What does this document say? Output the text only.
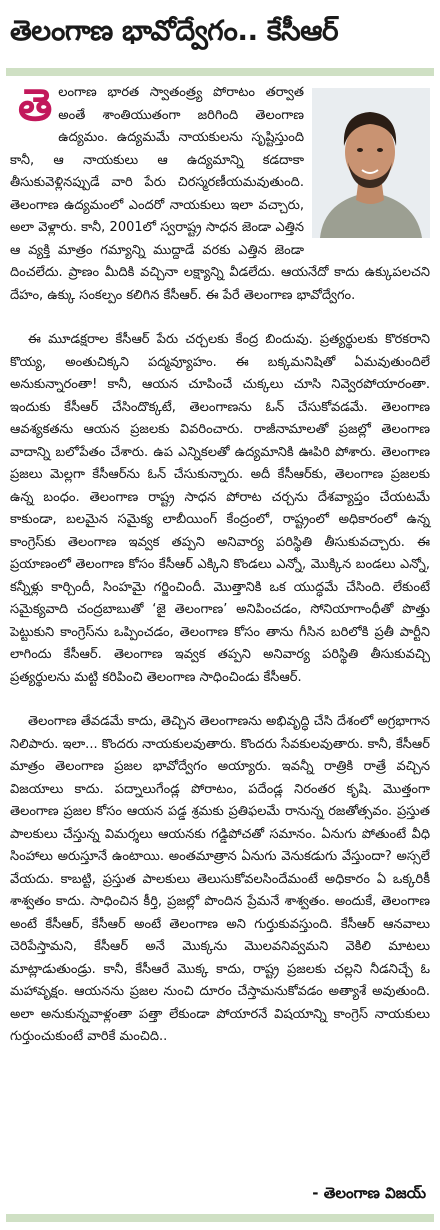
తెలంగాణ భావోద్వేగం.. కేసీఆర్

తెలంగాణ భారత స్వాతంత్ర్య పోరాటం తర్వాత అంతే శాంతియుతంగా జరిగింది తెలంగాణ ఉద్యమం. ఉద్యమమే నాయకులను సృష్టిస్తుంది కానీ, ఆ నాయకులు ఆ ఉద్యమాన్ని కడదాకా తీసుకువెళ్లినప్పుడే వారి పేరు చిరస్మరణీయమవుతుంది. తెలంగాణ ఉద్యమంలో ఎందరో నాయకులు ఇలా వచ్చారు, అలా వెళ్లారు. కానీ, 2001లో స్వరాష్ట్ర సాధన జెండా ఎత్తిన ఆ వ్యక్తి మాత్రం గమ్యాన్ని ముద్దాడే వరకు ఎత్తిన జెండా దించలేదు. ప్రాణం మీదికి వచ్చినా లక్ష్యాన్ని వీడలేదు. ఆయనేదో కాదు ఉక్కుపలచని దేహం, ఉక్కు సంకల్పం కలిగిన కేసీఆర్. ఈ పేరే తెలంగాణ భావోద్వేగం.

ఈ మూడక్షరాల కేసీఆర్ పేరు చర్చలకు కేంద్ర బిందువు. ప్రత్యర్థులకు కొరకరాని కొయ్య, అంతుచిక్కని పద్మవ్యూహం. ఈ బక్కమనిషితో ఏమవుతుందిలే అనుకున్నారంతా! కానీ, ఆయన చూపించే చుక్కలు చూసి నివ్వెరపోయారంతా. ఇందుకు కేసీఆర్ చేసిందొక్కటే, తెలంగాణను ఓన్ చేసుకోవడమే. తెలంగాణ ఆవశ్యకతను ఆయన ప్రజలకు వివరించారు. రాజీనామాలతో ప్రజల్లో తెలంగాణ వాదాన్ని బలోపేతం చేశారు. ఉప ఎన్నికలతో ఉద్యమానికి ఊపిరి పోశారు. తెలంగాణ ప్రజలు మెల్లగా కేసీఆర్‌ను ఓన్ చేసుకున్నారు. అదీ కేసీఆర్‌కు, తెలంగాణ ప్రజలకు ఉన్న బంధం. తెలంగాణ రాష్ట్ర సాధన పోరాట చర్చను దేశవ్యాప్తం చేయటమే కాకుండా, బలమైన సమైక్య లాబీయింగ్ కేంద్రంలో, రాష్ట్రంలో అధికారంలో ఉన్న కాంగ్రెస్‌కు తెలంగాణ ఇవ్వక తప్పని అనివార్య పరిస్థితి తీసుకువచ్చారు. ఈ ప్రయాణంలో తెలంగాణ కోసం కేసీఆర్ ఎక్కిని కొండలు ఎన్నో, మొక్కిన బండలు ఎన్నో, కన్నీళ్లు కార్చిందీ, సింహమై గర్జించిందీ. మొత్తానికి ఒక యుద్ధమే చేసింది. లేకుంటే సమైక్యవాది చంద్రబాబుతో ‘జై తెలంగాణ’ అనిపించడం, సోనియాగాంధీతో పొత్తు పెట్టుకుని కాంగ్రెస్‌ను ఒప్పించడం, తెలంగాణ కోసం తాను గీసిన బరిలోకి ప్రతీ పార్టీని లాగిందు కేసీఆర్. తెలంగాణ ఇవ్వక తప్పని అనివార్య పరిస్థితి తీసుకువచ్చి ప్రత్యర్థులను మట్టి కరిపించి తెలంగాణ సాధించిండు కేసీఆర్.

తెలంగాణ తేవడమే కాదు, తెచ్చిన తెలంగాణను అభివృద్ధి చేసి దేశంలో అగ్రభాగాన నిలిపారు. ఇలా... కొందరు నాయకులవుతారు. కొందరు సేవకులవుతారు. కానీ, కేసీఆర్ మాత్రం తెలంగాణ ప్రజల భావోద్వేగం అయ్యారు. ఇవన్నీ రాత్రికి రాత్రే వచ్చిన విజయాలు కాదు. పద్నాలుగేండ్ల పోరాటం, పదేండ్ల నిరంతర కృషి. మొత్తంగా తెలంగాణ ప్రజల కోసం ఆయన పడ్డ శ్రమకు ప్రతిఫలమే రానున్న రజతోత్సవం. ప్రస్తుత పాలకులు చేస్తున్న విమర్శలు ఆయనకు గడ్డిపోచతో సమానం. ఏనుగు పోతుంటే వీధి సింహాలు అరుస్తూనే ఉంటాయి. అంతమాత్రాన ఏనుగు వెనుకడుగు వేస్తుందా? అస్సలే వేయదు. కాబట్టి, ప్రస్తుత పాలకులు తెలుసుకోవలసిందేమంటే అధికారం ఏ ఒక్కరికీ శాశ్వతం కాదు. సాధించిన కీర్తి, ప్రజల్లో పొందిన ప్రేమనే శాశ్వతం. అందుకే, తెలంగాణ అంటే కేసీఆర్, కేసీఆర్ అంటే తెలంగాణ అని గుర్తుకువస్తుంది. కేసీఆర్ ఆనవాలు చెరిపేస్తామని, కేసీఆర్ అనే మొక్కను మొలవనివ్వమని వెకిలి మాటలు మాట్లాడుతుండ్రు. కానీ, కేసీఆరే మొక్క కాదు, రాష్ట్ర ప్రజలకు చల్లని నీడనిచ్చే ఓ మహావృక్షం. ఆయనను ప్రజల నుంచి దూరం చేస్తామనుకోవడం అత్యాశే అవుతుంది. అలా అనుకున్నవాళ్లంతా పత్తా లేకుండా పోయారనే విషయాన్ని కాంగ్రెస్ నాయకులు గుర్తుంచుకుంటే వారికే మంచిది..

- తెలంగాణ విజయ్
